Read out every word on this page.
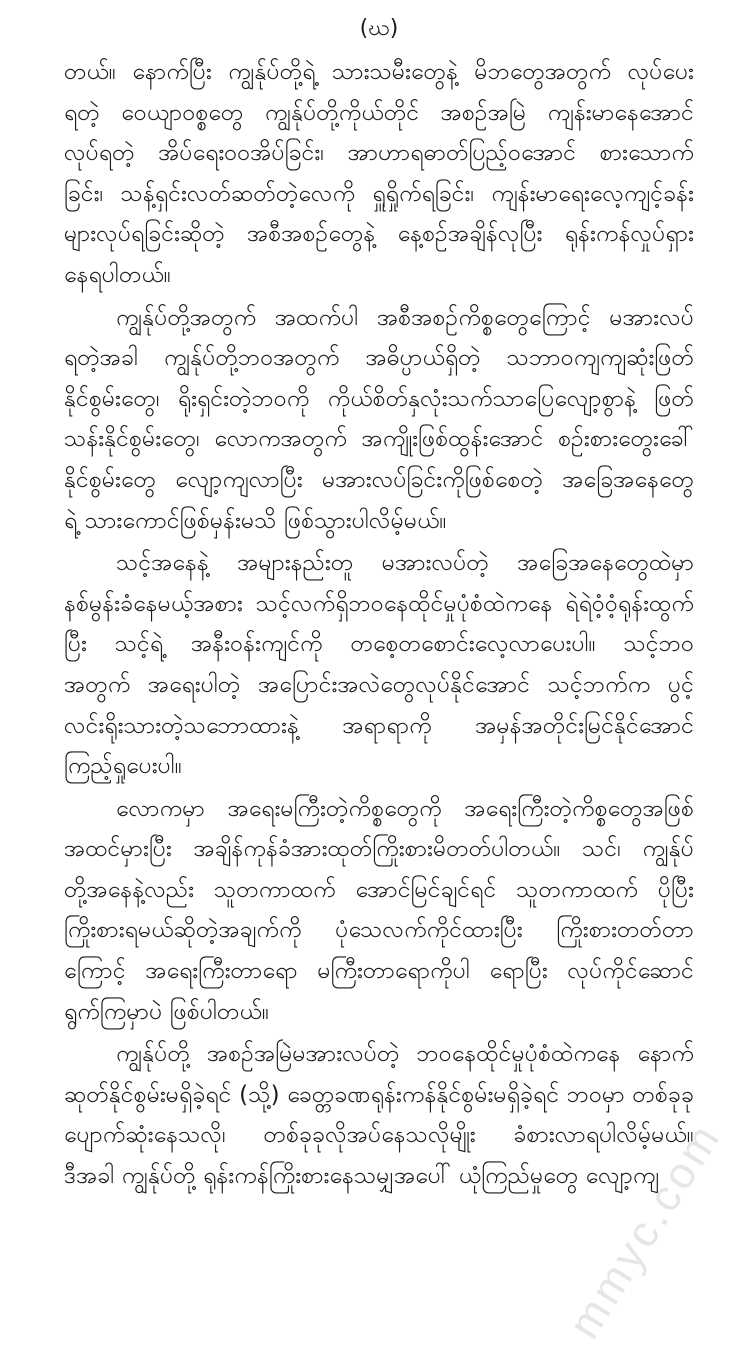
(ဃ)
တယ်။ နောက်ပြီး ကျွန်ုပ်တို့ရဲ့ သားသမီးတွေနဲ့ မိဘတွေအတွက် လုပ်ပေး
ရတဲ့ ဝေယျာဝစ္စတွေ ကျွန်ုပ်တို့ကိုယ်တိုင် အစဉ်အမြဲ ကျန်းမာနေအောင်
လုပ်ရတဲ့ အိပ်ရေးဝဝအိပ်ခြင်း၊ အာဟာရဓာတ်ပြည့်ဝအောင် စားသောက်
ခြင်း၊ သန့်ရှင်းလတ်ဆတ်တဲ့လေကို ရှူရှိုက်ရခြင်း၊ ကျန်းမာရေးလေ့ကျင့်ခန်း
များလုပ်ရခြင်းဆိုတဲ့ အစီအစဉ်တွေနဲ့ နေ့စဉ်အချိန်လုပြီး ရုန်းကန်လှုပ်ရှား
နေရပါတယ်။
ကျွန်ုပ်တို့အတွက် အထက်ပါ အစီအစဉ်ကိစ္စတွေကြောင့် မအားလပ်
ရတဲ့အခါ ကျွန်ုပ်တို့ဘဝအတွက် အဓိပ္ပာယ်ရှိတဲ့ သဘာဝကျကျဆုံးဖြတ်
နိုင်စွမ်းတွေ၊ ရိုးရှင်းတဲ့ဘဝကို ကိုယ်စိတ်နှလုံးသက်သာပြေလျော့စွာနဲ့ ဖြတ်
သန်းနိုင်စွမ်းတွေ၊ လောကအတွက် အကျိုးဖြစ်ထွန်းအောင် စဉ်းစားတွေးခေါ်
နိုင်စွမ်းတွေ လျော့ကျလာပြီး မအားလပ်ခြင်းကိုဖြစ်စေတဲ့ အခြေအနေတွေ
ရဲ့ သားကောင်ဖြစ်မှန်းမသိ ဖြစ်သွားပါလိမ့်မယ်။
သင့်အနေနဲ့ အများနည်းတူ မအားလပ်တဲ့ အခြေအနေတွေထဲမှာ
နစ်မွန်းခံနေမယ့်အစား သင့်လက်ရှိဘဝနေထိုင်မှုပုံစံထဲကနေ ရဲရဲဝံ့ဝံ့ရုန်းထွက်
ပြီး သင့်ရဲ့ အနီးဝန်းကျင်ကို တစေ့တစောင်းလေ့လာပေးပါ။ သင့်ဘဝ
အတွက် အရေးပါတဲ့ အပြောင်းအလဲတွေလုပ်နိုင်အောင် သင့်ဘက်က ပွင့်
လင်းရိုးသားတဲ့သဘောထားနဲ့ အရာရာကို အမှန်အတိုင်းမြင်နိုင်အောင်
ကြည့်ရှုပေးပါ။
လောကမှာ အရေးမကြီးတဲ့ကိစ္စတွေကို အရေးကြီးတဲ့ကိစ္စတွေအဖြစ်
အထင်မှားပြီး အချိန်ကုန်ခံအားထုတ်ကြိုးစားမိတတ်ပါတယ်။ သင်၊ ကျွန်ုပ်
တို့အနေနဲ့လည်း သူတကာထက် အောင်မြင်ချင်ရင် သူတကာထက် ပိုပြီး
ကြိုးစားရမယ်ဆိုတဲ့အချက်ကို ပုံသေလက်ကိုင်ထားပြီး ကြိုးစားတတ်တာ
ကြောင့် အရေးကြီးတာရော မကြီးတာရောကိုပါ ရောပြီး လုပ်ကိုင်ဆောင်
ရွက်ကြမှာပဲ ဖြစ်ပါတယ်။
ကျွန်ုပ်တို့ အစဉ်အမြဲမအားလပ်တဲ့ ဘဝနေထိုင်မှုပုံစံထဲကနေ နောက်
ဆုတ်နိုင်စွမ်းမရှိခဲ့ရင် (သို့) ခေတ္တခဏရုန်းကန်နိုင်စွမ်းမရှိခဲ့ရင် ဘဝမှာ တစ်ခုခု
ပျောက်ဆုံးနေသလို၊ တစ်ခုခုလိုအပ်နေသလိုမျိုး ခံစားလာရပါလိမ့်မယ်။
ဒီအခါ ကျွန်ုပ်တို့ ရုန်းကန်ကြိုးစားနေသမျှအပေါ် ယုံကြည်မှုတွေ လျော့ကျ
mmyc.com
